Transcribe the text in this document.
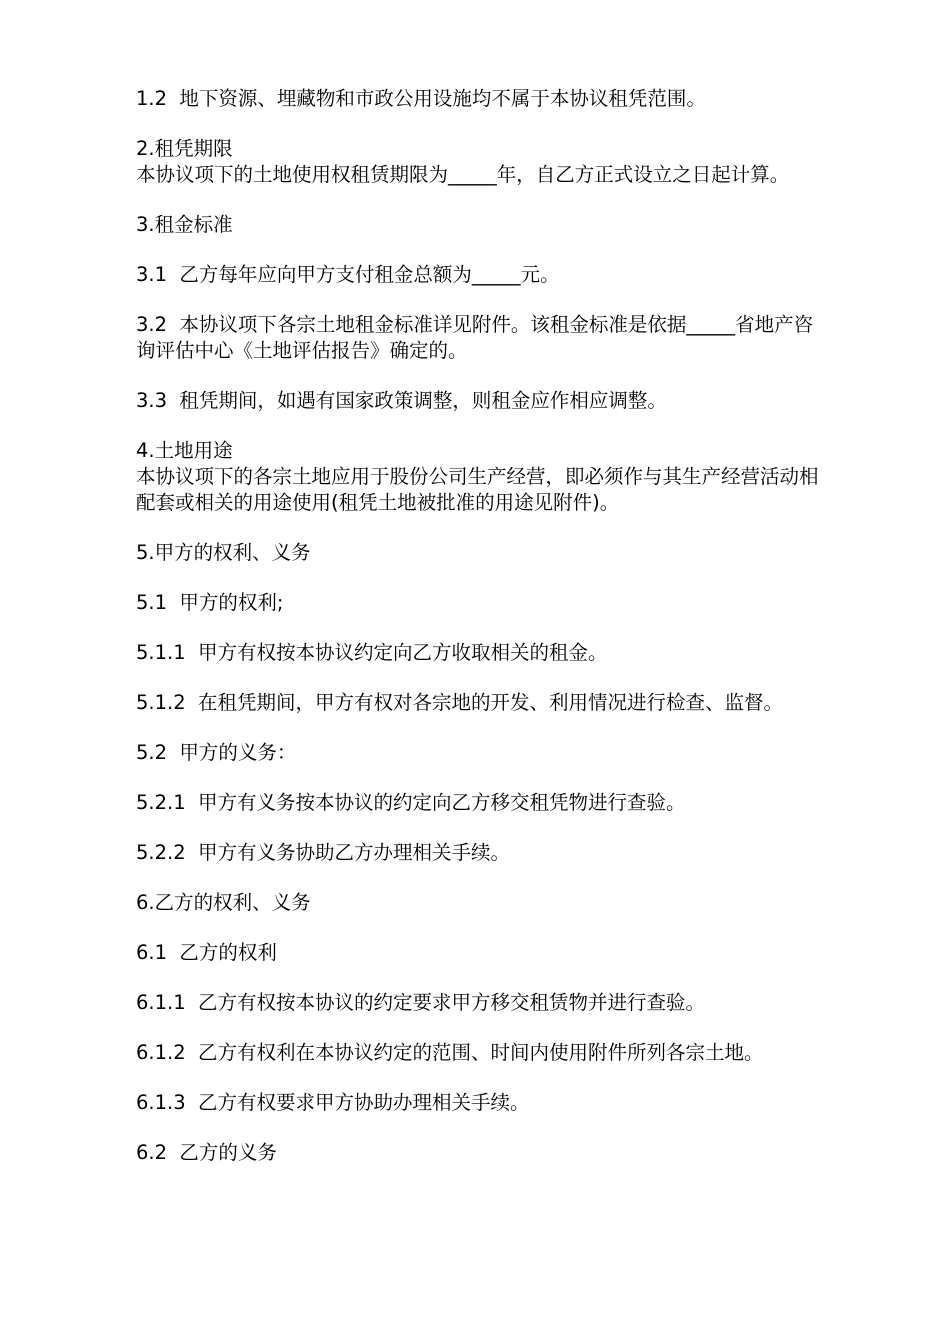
1.2  地下资源、埋藏物和市政公用设施均不属于本协议租凭范围。

2.租凭期限

本协议项下的土地使用权租赁期限为_____年，自乙方正式设立之日起计算。

3.租金标准

3.1  乙方每年应向甲方支付租金总额为_____元。

3.2  本协议项下各宗土地租金标准详见附件。该租金标准是依据_____省地产咨询评估中心《土地评估报告》确定的。

3.3  租凭期间，如遇有国家政策调整，则租金应作相应调整。

4.土地用途

本协议项下的各宗土地应用于股份公司生产经营，即必须作与其生产经营活动相配套或相关的用途使用(租凭土地被批准的用途见附件)。

5.甲方的权利、义务

5.1  甲方的权利;

5.1.1  甲方有权按本协议约定向乙方收取相关的租金。

5.1.2  在租凭期间，甲方有权对各宗地的开发、利用情况进行检查、监督。

5.2  甲方的义务：

5.2.1  甲方有义务按本协议的约定向乙方移交租凭物进行查验。

5.2.2  甲方有义务协助乙方办理相关手续。

6.乙方的权利、义务

6.1  乙方的权利

6.1.1  乙方有权按本协议的约定要求甲方移交租赁物并进行查验。

6.1.2  乙方有权利在本协议约定的范围、时间内使用附件所列各宗土地。

6.1.3  乙方有权要求甲方协助办理相关手续。

6.2  乙方的义务
